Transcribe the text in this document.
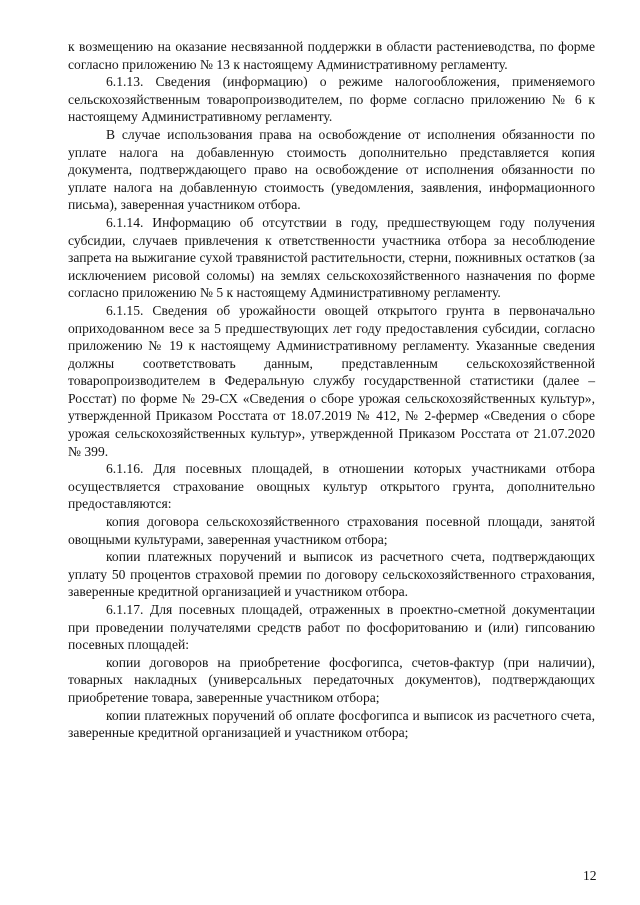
к возмещению на оказание несвязанной поддержки в области растениеводства, по форме согласно приложению № 13 к настоящему Административному регламенту.

6.1.13. Сведения (информацию) о режиме налогообложения, применяемого сельскохозяйственным товаропроизводителем, по форме согласно приложению № 6 к настоящему Административному регламенту.

В случае использования права на освобождение от исполнения обязанности по уплате налога на добавленную стоимость дополнительно представляется копия документа, подтверждающего право на освобождение от исполнения обязанности по уплате налога на добавленную стоимость (уведомления, заявления, информационного письма), заверенная участником отбора.

6.1.14. Информацию об отсутствии в году, предшествующем году получения субсидии, случаев привлечения к ответственности участника отбора за несоблюдение запрета на выжигание сухой травянистой растительности, стерни, пожнивных остатков (за исключением рисовой соломы) на землях сельскохозяйственного назначения по форме согласно приложению № 5 к настоящему Административному регламенту.

6.1.15. Сведения об урожайности овощей открытого грунта в первоначально оприходованном весе за 5 предшествующих лет году предоставления субсидии, согласно приложению № 19 к настоящему Административному регламенту. Указанные сведения должны соответствовать данным, представленным сельскохозяйственной товаропроизводителем в Федеральную службу государственной статистики (далее – Росстат) по форме № 29-СХ «Сведения о сборе урожая сельскохозяйственных культур», утвержденной Приказом Росстата от 18.07.2019 № 412, № 2-фермер «Сведения о сборе урожая сельскохозяйственных культур», утвержденной Приказом Росстата от 21.07.2020 № 399.

6.1.16. Для посевных площадей, в отношении которых участниками отбора осуществляется страхование овощных культур открытого грунта, дополнительно предоставляются:

копия договора сельскохозяйственного страхования посевной площади, занятой овощными культурами, заверенная участником отбора;

копии платежных поручений и выписок из расчетного счета, подтверждающих уплату 50 процентов страховой премии по договору сельскохозяйственного страхования, заверенные кредитной организацией и участником отбора.

6.1.17. Для посевных площадей, отраженных в проектно-сметной документации при проведении получателями средств работ по фосфоритованию и (или) гипсованию посевных площадей:

копии договоров на приобретение фосфогипса, счетов-фактур (при наличии), товарных накладных (универсальных передаточных документов), подтверждающих приобретение товара, заверенные участником отбора;

копии платежных поручений об оплате фосфогипса и выписок из расчетного счета, заверенные кредитной организацией и участником отбора;

12
